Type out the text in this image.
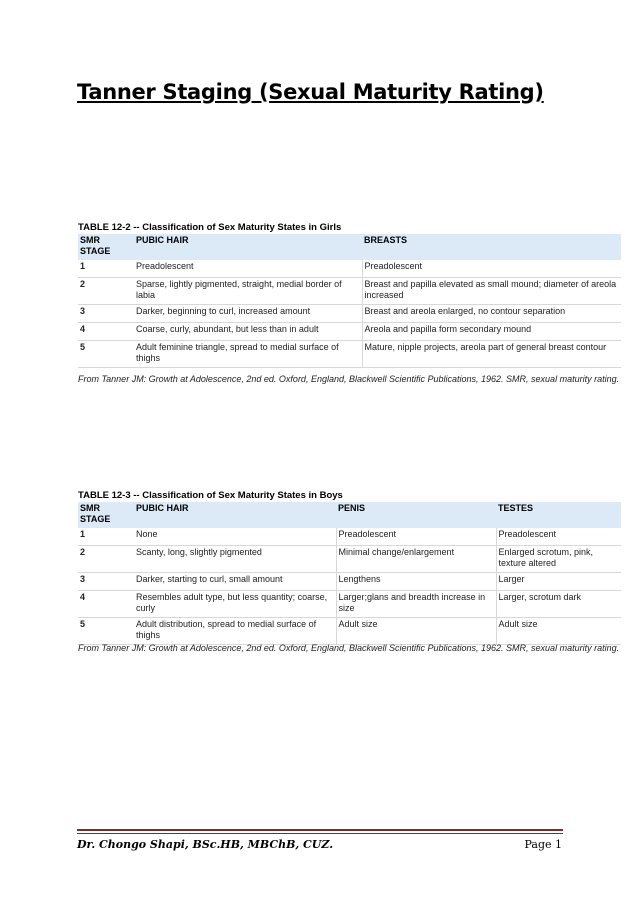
Tanner Staging (Sexual Maturity Rating)
TABLE 12-2 -- Classification of Sex Maturity States in Girls
SMR STAGE	PUBIC HAIR	BREASTS
1	Preadolescent	Preadolescent
2	Sparse, lightly pigmented, straight, medial border of labia	Breast and papilla elevated as small mound; diameter of areola increased
3	Darker, beginning to curl, increased amount	Breast and areola enlarged, no contour separation
4	Coarse, curly, abundant, but less than in adult	Areola and papilla form secondary mound
5	Adult feminine triangle, spread to medial surface of thighs	Mature, nipple projects, areola part of general breast contour
From Tanner JM: Growth at Adolescence, 2nd ed. Oxford, England, Blackwell Scientific Publications, 1962. SMR, sexual maturity rating.
TABLE 12-3 -- Classification of Sex Maturity States in Boys
SMR STAGE	PUBIC HAIR	PENIS	TESTES
1	None	Preadolescent	Preadolescent
2	Scanty, long, slightly pigmented	Minimal change/enlargement	Enlarged scrotum, pink, texture altered
3	Darker, starting to curl, small amount	Lengthens	Larger
4	Resembles adult type, but less quantity; coarse, curly	Larger;glans and breadth increase in size	Larger, scrotum dark
5	Adult distribution, spread to medial surface of thighs	Adult size	Adult size
From Tanner JM: Growth at Adolescence, 2nd ed. Oxford, England, Blackwell Scientific Publications, 1962. SMR, sexual maturity rating.
Dr. Chongo Shapi, BSc.HB, MBChB, CUZ.	Page 1
